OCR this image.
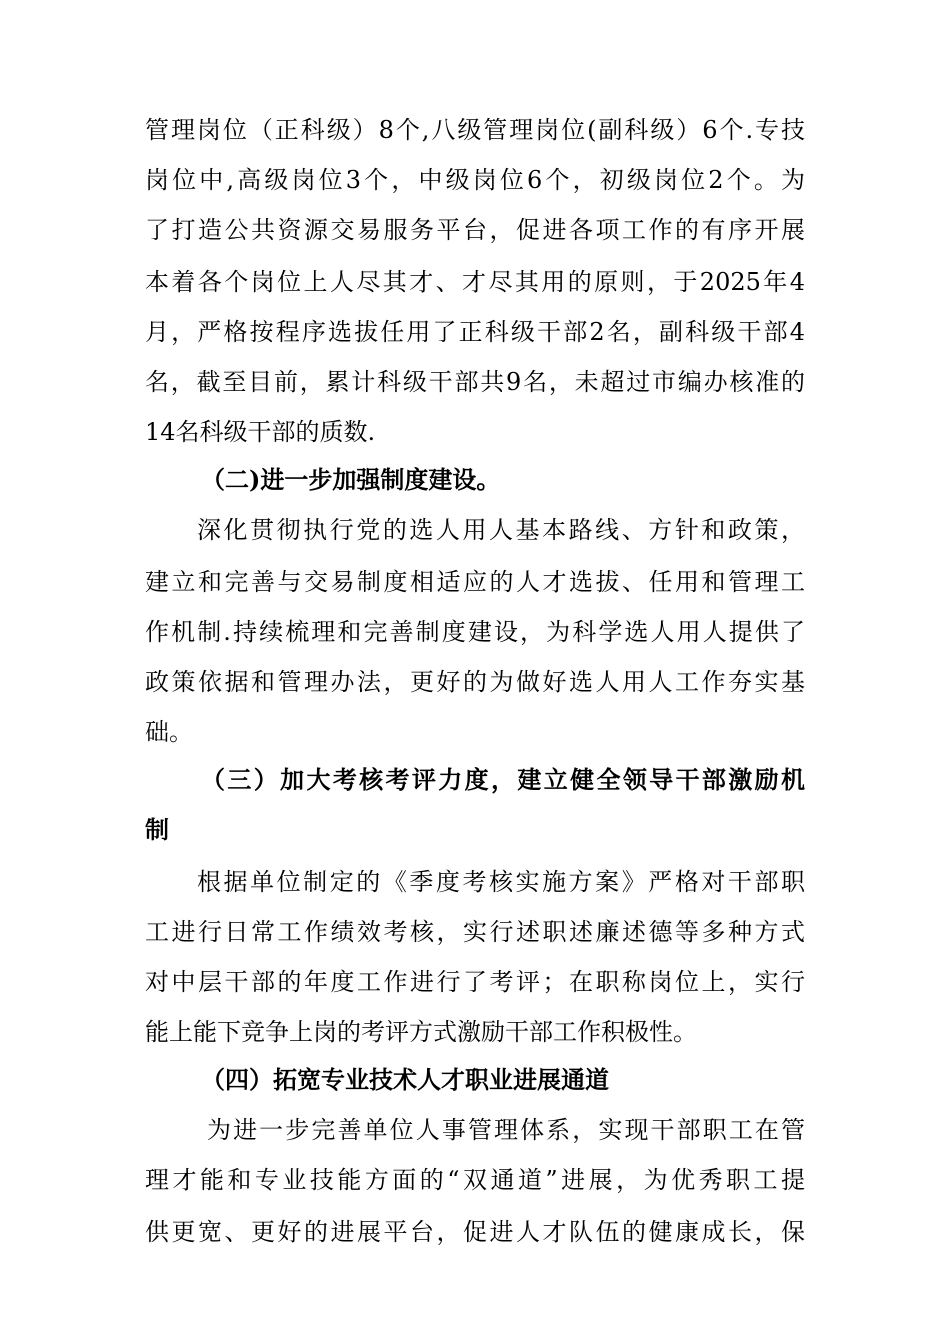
管理岗位（正科级）8个,八级管理岗位(副科级）6个.专技
岗位中,高级岗位3个，中级岗位6个，初级岗位2个。为
了打造公共资源交易服务平台，促进各项工作的有序开展
本着各个岗位上人尽其才、才尽其用的原则，于2025年4
月，严格按程序选拔任用了正科级干部2名，副科级干部4
名，截至目前，累计科级干部共9名，未超过市编办核准的
14名科级干部的质数.
（二)进一步加强制度建设。
深化贯彻执行党的选人用人基本路线、方针和政策，
建立和完善与交易制度相适应的人才选拔、任用和管理工
作机制.持续梳理和完善制度建设，为科学选人用人提供了
政策依据和管理办法，更好的为做好选人用人工作夯实基
础。
（三）加大考核考评力度，建立健全领导干部激励机
制
根据单位制定的《季度考核实施方案》严格对干部职
工进行日常工作绩效考核，实行述职述廉述德等多种方式
对中层干部的年度工作进行了考评；在职称岗位上，实行
能上能下竞争上岗的考评方式激励干部工作积极性。
（四）拓宽专业技术人才职业进展通道
为进一步完善单位人事管理体系，实现干部职工在管
理才能和专业技能方面的“双通道”进展，为优秀职工提
供更宽、更好的进展平台，促进人才队伍的健康成长，保
